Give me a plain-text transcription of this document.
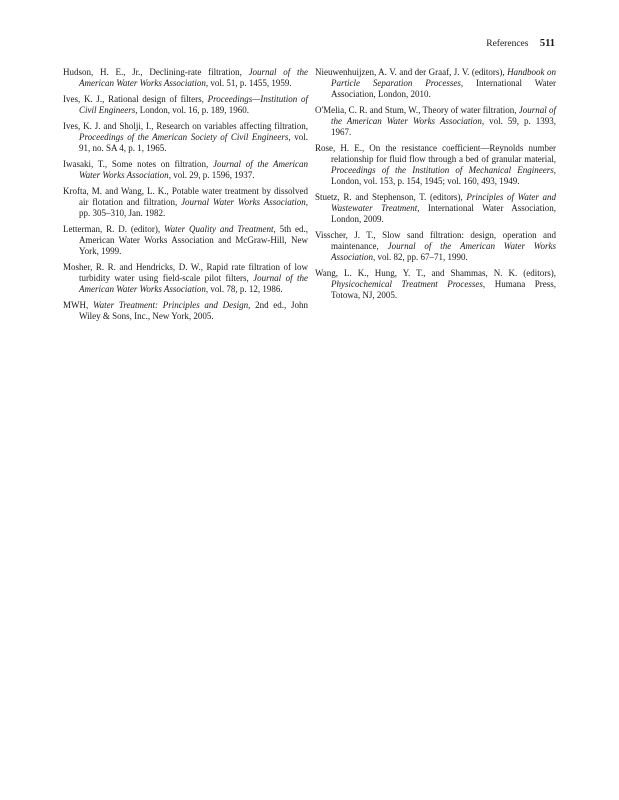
References 511

Hudson, H. E., Jr., Declining-rate filtration, Journal of the American Water Works Association, vol. 51, p. 1455, 1959.

Ives, K. J., Rational design of filters, Proceedings—Institution of Civil Engineers, London, vol. 16, p. 189, 1960.

Ives, K. J. and Sholji, I., Research on variables affecting filtration, Proceedings of the American Society of Civil Engineers, vol. 91, no. SA 4, p. 1, 1965.

Iwasaki, T., Some notes on filtration, Journal of the American Water Works Association, vol. 29, p. 1596, 1937.

Krofta, M. and Wang, L. K., Potable water treatment by dissolved air flotation and filtration, Journal Water Works Association, pp. 305–310, Jan. 1982.

Letterman, R. D. (editor), Water Quality and Treatment, 5th ed., American Water Works Association and McGraw-Hill, New York, 1999.

Mosher, R. R. and Hendricks, D. W., Rapid rate filtration of low turbidity water using field-scale pilot filters, Journal of the American Water Works Association, vol. 78, p. 12, 1986.

MWH, Water Treatment: Principles and Design, 2nd ed., John Wiley & Sons, Inc., New York, 2005.

Nieuwenhuijzen, A. V. and der Graaf, J. V. (editors), Handbook on Particle Separation Processes, International Water Association, London, 2010.

O'Melia, C. R. and Stum, W., Theory of water filtration, Journal of the American Water Works Association, vol. 59, p. 1393, 1967.

Rose, H. E., On the resistance coefficient—Reynolds number relationship for fluid flow through a bed of granular material, Proceedings of the Institution of Mechanical Engineers, London, vol. 153, p. 154, 1945; vol. 160, 493, 1949.

Stuetz, R. and Stephenson, T. (editors), Principles of Water and Wastewater Treatment, International Water Association, London, 2009.

Visscher, J. T., Slow sand filtration: design, operation and maintenance, Journal of the American Water Works Association, vol. 82, pp. 67–71, 1990.

Wang, L. K., Hung, Y. T., and Shammas, N. K. (editors), Physicochemical Treatment Processes, Humana Press, Totowa, NJ, 2005.
